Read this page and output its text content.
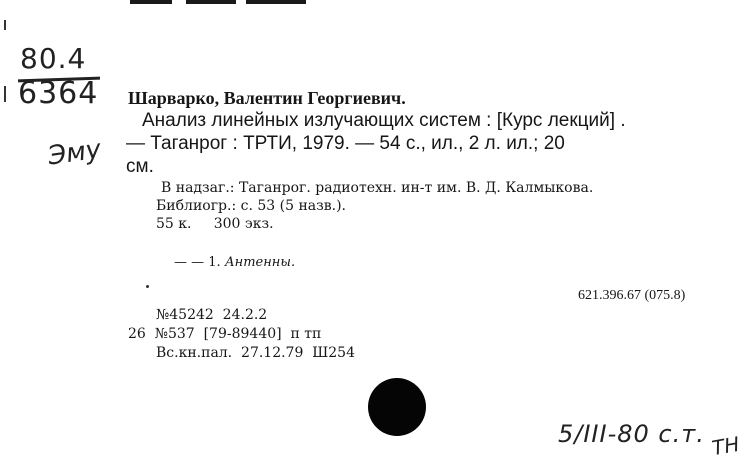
80.4
6364
Эму
Шарварко, Валентин Георгиевич.
Анализ линейных излучающих систем : [Курс лекций] .
— Таганрог : ТРТИ, 1979. — 54 с., ил., 2 л. ил.; 20
см.
В надзаг.: Таганрог. радиотехн. ин-т им. В. Д. Калмыкова.
Библиогр.: с. 53 (5 назв.).
55 к.     300 экз.
— — 1. Антенны.
621.396.67 (075.8)
№45242  24.2.2
26  №537  [79-89440]  п тп
Вс.кн.пал.  27.12.79  Ш254
5/III-80 с.т. ТН
